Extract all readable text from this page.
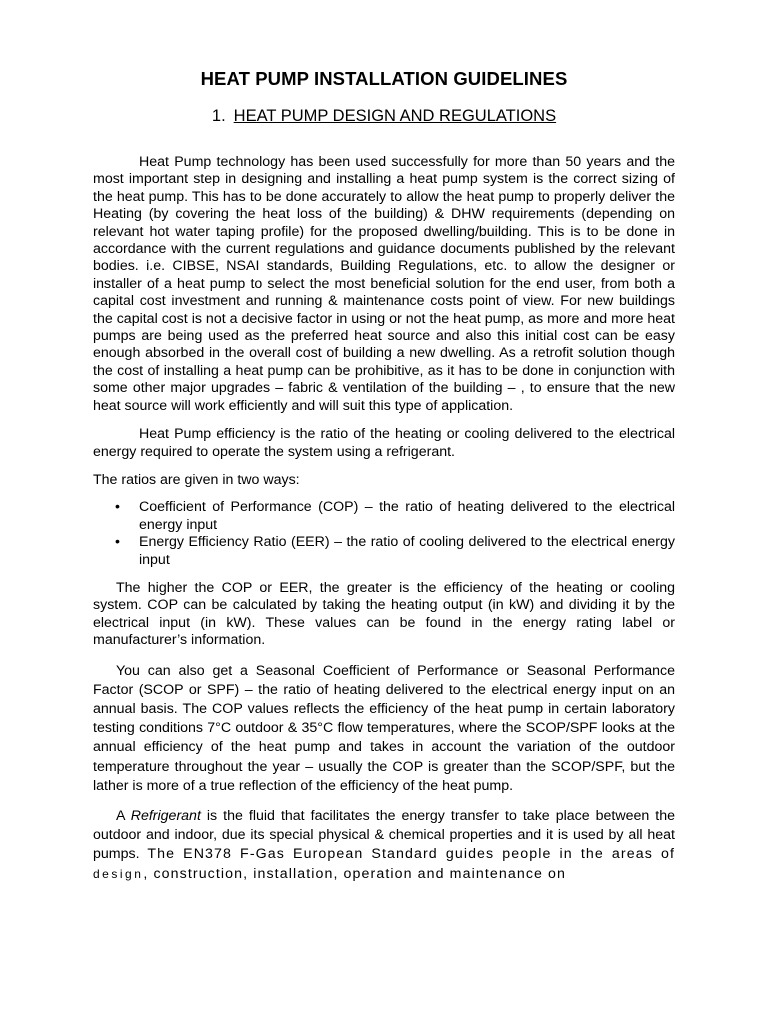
HEAT PUMP INSTALLATION GUIDELINES
1. HEAT PUMP DESIGN AND REGULATIONS

Heat Pump technology has been used successfully for more than 50 years and the most important step in designing and installing a heat pump system is the correct sizing of the heat pump. This has to be done accurately to allow the heat pump to properly deliver the Heating (by covering the heat loss of the building) & DHW requirements (depending on relevant hot water taping profile) for the proposed dwelling/building. This is to be done in accordance with the current regulations and guidance documents published by the relevant bodies. i.e. CIBSE, NSAI standards, Building Regulations, etc. to allow the designer or installer of a heat pump to select the most beneficial solution for the end user, from both a capital cost investment and running & maintenance costs point of view. For new buildings the capital cost is not a decisive factor in using or not the heat pump, as more and more heat pumps are being used as the preferred heat source and also this initial cost can be easy enough absorbed in the overall cost of building a new dwelling. As a retrofit solution though the cost of installing a heat pump can be prohibitive, as it has to be done in conjunction with some other major upgrades – fabric & ventilation of the building – , to ensure that the new heat source will work efficiently and will suit this type of application.

Heat Pump efficiency is the ratio of the heating or cooling delivered to the electrical energy required to operate the system using a refrigerant.

The ratios are given in two ways:

• Coefficient of Performance (COP) – the ratio of heating delivered to the electrical energy input
• Energy Efficiency Ratio (EER) – the ratio of cooling delivered to the electrical energy input

The higher the COP or EER, the greater is the efficiency of the heating or cooling system. COP can be calculated by taking the heating output (in kW) and dividing it by the electrical input (in kW). These values can be found in the energy rating label or manufacturer’s information.

You can also get a Seasonal Coefficient of Performance or Seasonal Performance Factor (SCOP or SPF) – the ratio of heating delivered to the electrical energy input on an annual basis. The COP values reflects the efficiency of the heat pump in certain laboratory testing conditions 7°C outdoor & 35°C flow temperatures, where the SCOP/SPF looks at the annual efficiency of the heat pump and takes in account the variation of the outdoor temperature throughout the year – usually the COP is greater than the SCOP/SPF, but the lather is more of a true reflection of the efficiency of the heat pump.

A Refrigerant is the fluid that facilitates the energy transfer to take place between the outdoor and indoor, due its special physical & chemical properties and it is used by all heat pumps. The EN378 F-Gas European Standard guides people in the areas of design, construction, installation, operation and maintenance on
